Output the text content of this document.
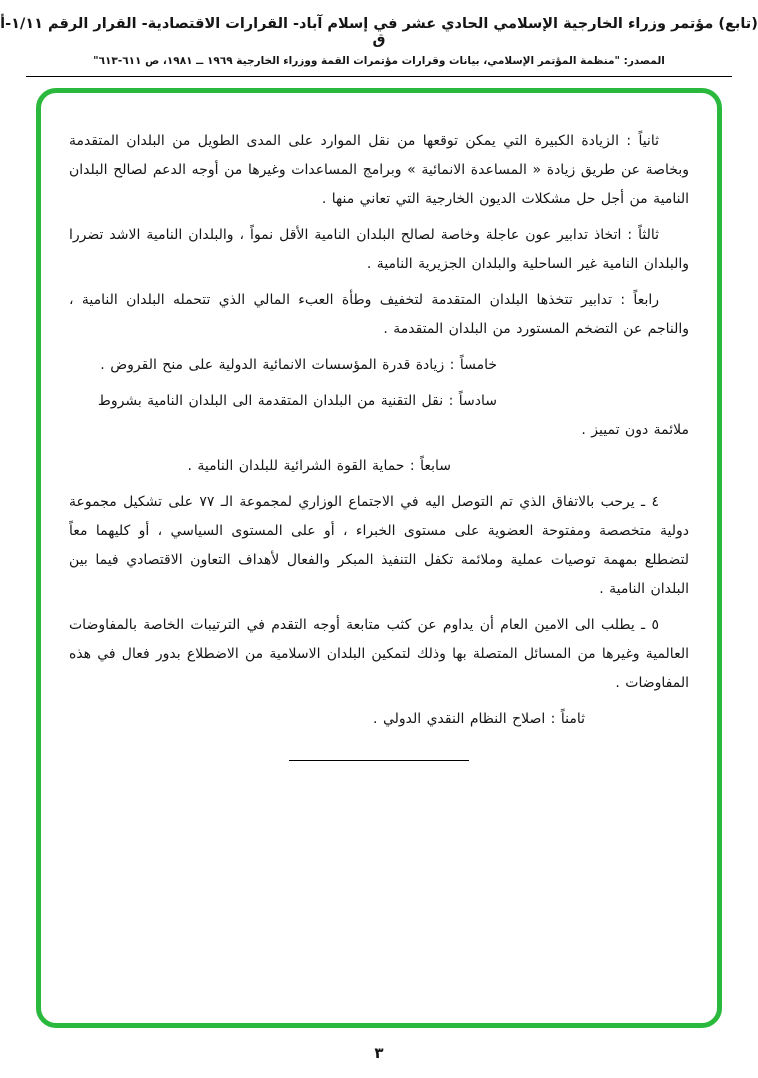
(تابع) مؤتمر وزراء الخارجية الإسلامي الحادي عشر في إسلام آباد- القرارات الاقتصادية- القرار الرقم ١/١١-أ ق
المصدر: "منظمة المؤتمر الإسلامي، بيانات وقرارات مؤتمرات القمة ووزراء الخارجية ١٩٦٩ ــ ١٩٨١، ص ٦١١-٦١٣"
ثانياً : الزيادة الكبيرة التي يمكن توقعها من نقل الموارد على المدى الطويل من البلدان المتقدمة وبخاصة عن طريق زيادة « المساعدة الانمائية » وبرامج المساعدات وغيرها من أوجه الدعم لصالح البلدان النامية من أجل حل مشكلات الديون الخارجية التي تعاني منها .
ثالثاً : اتخاذ تدابير عون عاجلة وخاصة لصالح البلدان النامية الأقل نمواً ، والبلدان النامية الاشد تضررا والبلدان النامية غير الساحلية والبلدان الجزيرية النامية .
رابعاً : تدابير تتخذها البلدان المتقدمة لتخفيف وطأة العبء المالي الذي تتحمله البلدان النامية ، والناجم عن التضخم المستورد من البلدان المتقدمة .
خامساً : زيادة قدرة المؤسسات الانمائية الدولية على منح القروض .
سادساً : نقل التقنية من البلدان المتقدمة الى البلدان النامية بشروط ملائمة دون تمييز .
سابعاً : حماية القوة الشرائية للبلدان النامية .
٤ ـ يرحب بالاتفاق الذي تم التوصل اليه في الاجتماع الوزاري لمجموعة الـ ٧٧ على تشكيل مجموعة دولية متخصصة ومفتوحة العضوية على مستوى الخبراء ، أو على المستوى السياسي ، أو كليهما معاً لتضطلع بمهمة توصيات عملية وملائمة تكفل التنفيذ المبكر والفعال لأهداف التعاون الاقتصادي فيما بين البلدان النامية .
٥ ـ يطلب الى الامين العام أن يداوم عن كثب متابعة أوجه التقدم في الترتيبات الخاصة بالمفاوضات العالمية وغيرها من المسائل المتصلة بها وذلك لتمكين البلدان الاسلامية من الاضطلاع بدور فعال في هذه المفاوضات .
ثامناً : اصلاح النظام النقدي الدولي .
٣
